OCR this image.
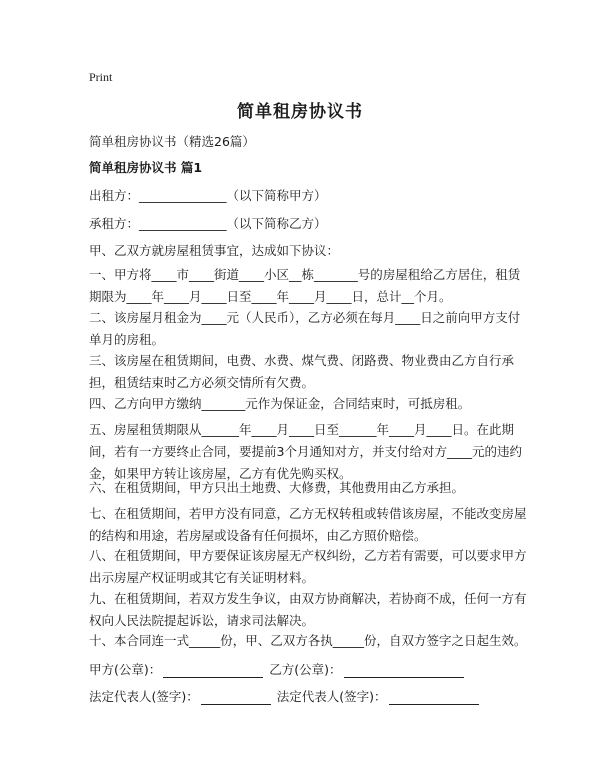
Print
简单租房协议书
简单租房协议书（精选26篇）
简单租房协议书 篇1
出租方：______________（以下简称甲方）
承租方：______________（以下简称乙方）
甲、乙双方就房屋租赁事宜，达成如下协议：
一、甲方将____市____街道____小区__栋_______号的房屋租给乙方居住，租赁期限为____年____月____日至____年____月____日，总计__个月。
二、该房屋月租金为____元（人民币），乙方必须在每月____日之前向甲方支付单月的房租。
三、该房屋在租赁期间，电费、水费、煤气费、闭路费、物业费由乙方自行承担，租赁结束时乙方必须交情所有欠费。
四、乙方向甲方缴纳_______元作为保证金，合同结束时，可抵房租。
五、房屋租赁期限从______年____月____日至______年____月____日。在此期间，若有一方要终止合同，要提前3个月通知对方，并支付给对方____元的违约金，如果甲方转让该房屋，乙方有优先购买权。
六、在租赁期间，甲方只出土地费、大修费，其他费用由乙方承担。
七、在租赁期间，若甲方没有同意，乙方无权转租或转借该房屋，不能改变房屋的结构和用途，若房屋或设备有任何损坏，由乙方照价赔偿。
八、在租赁期间，甲方要保证该房屋无产权纠纷，乙方若有需要，可以要求甲方出示房屋产权证明或其它有关证明材料。
九、在租赁期间，若双方发生争议，由双方协商解决，若协商不成，任何一方有权向人民法院提起诉讼，请求司法解决。
十、本合同连一式_____份，甲、乙双方各执_____份，自双方签字之日起生效。
甲方(公章)：	乙方(公章)：
法定代表人(签字)：	法定代表人(签字)：
